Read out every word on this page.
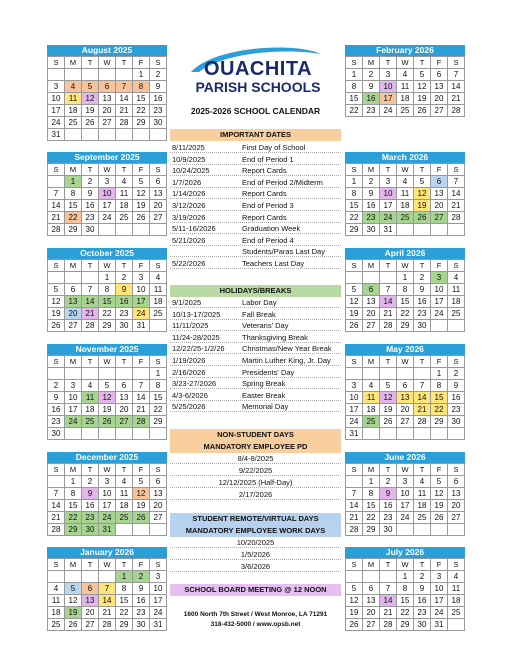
August 2025
S	M	T	W	T	F	S
					1	2
3	4	5	6	7	8	9
10	11	12	13	14	15	16
17	18	19	20	21	22	23
24	25	26	27	28	29	30
31						
September 2025
S	M	T	W	T	F	S
	1	2	3	4	5	6
7	8	9	10	11	12	13
14	15	16	17	18	19	20
21	22	23	24	25	26	27
28	29	30				
October 2025
S	M	T	W	T	F	S
			1	2	3	4
5	6	7	8	9	10	11
12	13	14	15	16	17	18
19	20	21	22	23	24	25
26	27	28	29	30	31	
November 2025
S	M	T	W	T	F	S
						1
2	3	4	5	6	7	8
9	10	11	12	13	14	15
16	17	18	19	20	21	22
23	24	25	26	27	28	29
30						
December 2025
S	M	T	W	T	F	S
	1	2	3	4	5	6
7	8	9	10	11	12	13
14	15	16	17	18	19	20
21	22	23	24	25	26	27
28	29	30	31			
January 2026
S	M	T	W	T	F	S
				1	2	3
4	5	6	7	8	9	10
11	12	13	14	15	16	17
18	19	20	21	22	23	24
25	26	27	28	29	30	31
February 2026
S	M	T	W	T	F	S
1	2	3	4	5	6	7
8	9	10	11	12	13	14
15	16	17	18	19	20	21
22	23	24	25	26	27	28
March 2026
S	M	T	W	T	F	S
1	2	3	4	5	6	7
8	9	10	11	12	13	14
15	16	17	18	19	20	21
22	23	24	25	26	27	28
29	30	31				
April 2026
S	M	T	W	T	F	S
			1	2	3	4
5	6	7	8	9	10	11
12	13	14	15	16	17	18
19	20	21	22	23	24	25
26	27	28	29	30		
May 2026
S	M	T	W	T	F	S
					1	2
3	4	5	6	7	8	9
10	11	12	13	14	15	16
17	18	19	20	21	22	23
24	25	26	27	28	29	30
31						
June 2026
S	M	T	W	T	F	S
	1	2	3	4	5	6
7	8	9	10	11	12	13
14	15	16	17	18	19	20
21	22	23	24	25	26	27
28	29	30				
July 2026
S	M	T	W	T	F	S
			1	2	3	4
5	6	7	8	9	10	11
12	13	14	15	16	17	18
19	20	21	22	23	24	25
26	27	28	29	30	31	
OUACHITA
PARISH SCHOOLS
2025-2026 SCHOOL CALENDAR
IMPORTANT DATES
8/11/2025	First Day of School
10/9/2025	End of Period 1
10/24/2025	Report Cards
1/7/2026	End of Period 2/Midterm
1/14/2026	Report Cards
3/12/2026	End of Period 3
3/19/2026	Report Cards
5/11-16/2026	Graduation Week
5/21/2026	End of Period 4
Students/Paras Last Day
5/22/2026	Teachers Last Day
HOLIDAYS/BREAKS
9/1/2025	Labor Day
10/13-17/2025	Fall Break
11/11/2025	Veterans' Day
11/24-28/2025	Thanksgiving Break
12/22/25-1/2/26 Christmas/New Year Break
1/19/2026	Martin Luther King, Jr. Day
2/16/2026	Presidents' Day
3/23-27/2026	Spring Break
4/3-6/2026	Easter Break
5/25/2026	Memorial Day
NON-STUDENT DAYS
MANDATORY EMPLOYEE PD
8/4-8/2025
9/22/2025
12/12/2025 (Half-Day)
2/17/2026
STUDENT REMOTE/VIRTUAL DAYS
MANDATORY EMPLOYEE WORK DAYS
10/20/2025
1/5/2026
3/6/2026
SCHOOL BOARD MEETING @ 12 NOON
1600 North 7th Street / West Monroe, LA 71291
318-432-5000 / www.opsb.net
